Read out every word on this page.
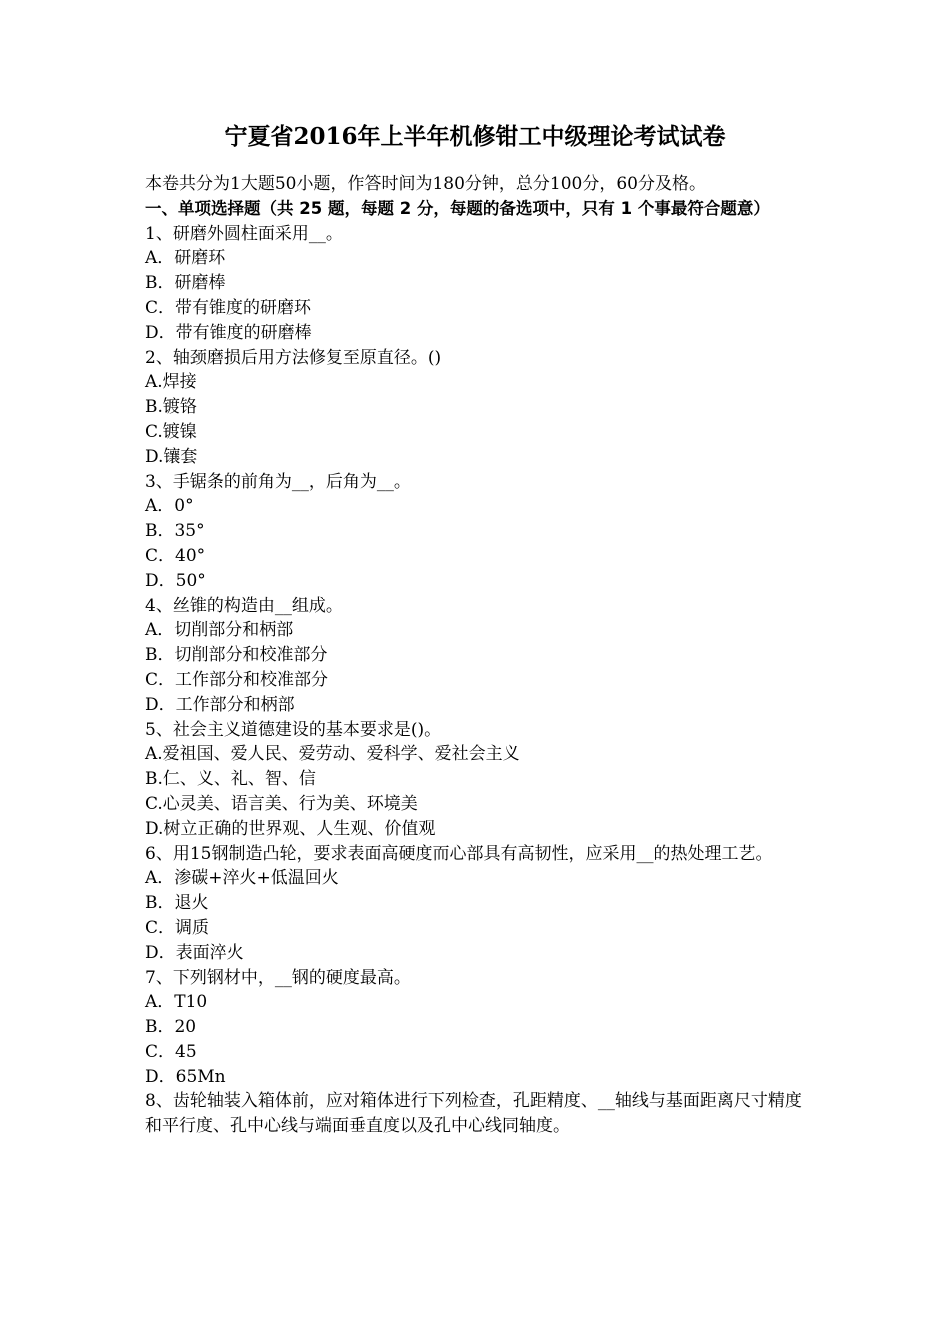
宁夏省2016年上半年机修钳工中级理论考试试卷

本卷共分为1大题50小题，作答时间为180分钟，总分100分，60分及格。

一、单项选择题（共 25 题，每题 2 分，每题的备选项中，只有 1 个事最符合题意）

1、研磨外圆柱面采用__。

A．研磨环

B．研磨棒

C．带有锥度的研磨环

D．带有锥度的研磨棒

2、轴颈磨损后用方法修复至原直径。()

A.焊接

B.镀铬

C.镀镍

D.镶套

3、手锯条的前角为__，后角为__。

A．0°

B．35°

C．40°

D．50°

4、丝锥的构造由__组成。

A．切削部分和柄部

B．切削部分和校准部分

C．工作部分和校准部分

D．工作部分和柄部

5、社会主义道德建设的基本要求是()。

A.爱祖国、爱人民、爱劳动、爱科学、爱社会主义

B.仁、义、礼、智、信

C.心灵美、语言美、行为美、环境美

D.树立正确的世界观、人生观、价值观

6、用15钢制造凸轮，要求表面高硬度而心部具有高韧性，应采用__的热处理工艺。

A．渗碳+淬火+低温回火

B．退火

C．调质

D．表面淬火

7、下列钢材中，__钢的硬度最高。

A．T10

B．20

C．45

D．65Mn

8、齿轮轴装入箱体前，应对箱体进行下列检查，孔距精度、__轴线与基面距离尺寸精度和平行度、孔中心线与端面垂直度以及孔中心线同轴度。
